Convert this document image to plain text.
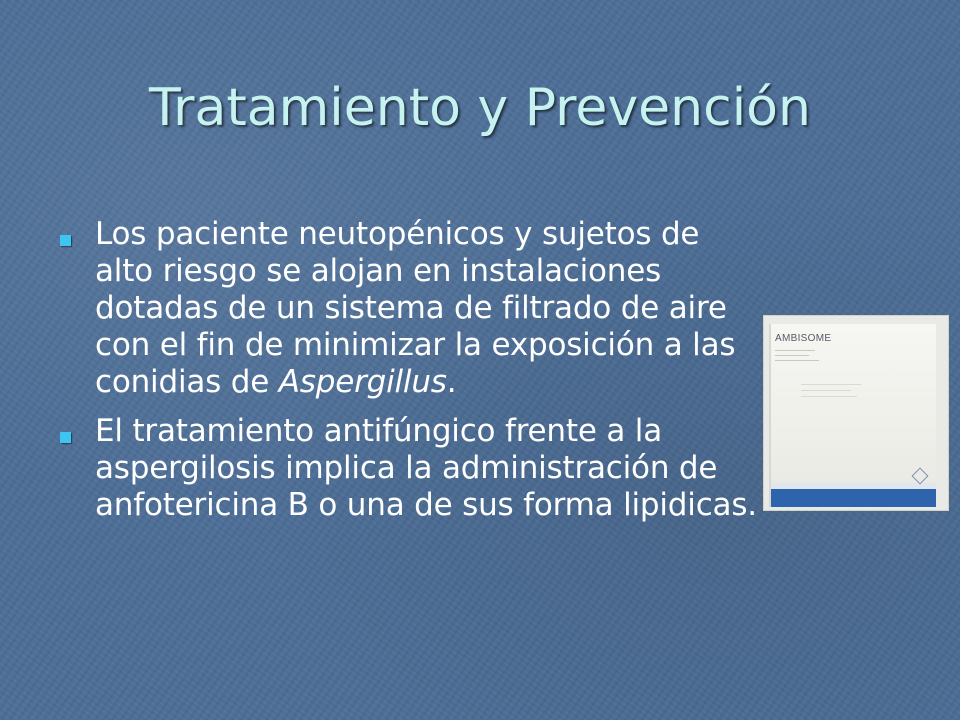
Tratamiento y Prevención
Los paciente neutopénicos y sujetos de alto riesgo se alojan en instalaciones dotadas de un sistema de filtrado de aire con el fin de minimizar la exposición a las conidias de Aspergillus.
El tratamiento antifúngico frente a la aspergilosis implica la administración de anfotericina B o una de sus forma lipidicas.
AMBISOME
